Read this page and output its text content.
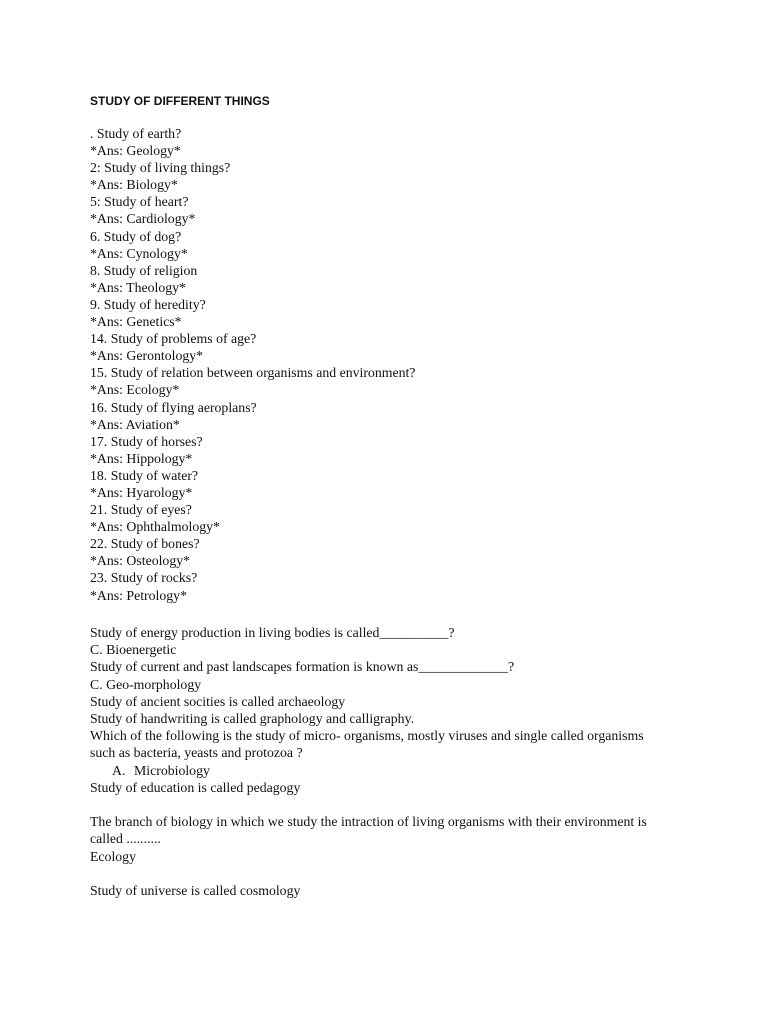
STUDY OF DIFFERENT THINGS
. Study of earth?
*Ans: Geology*
2: Study of living things?
*Ans: Biology*
5: Study of heart?
*Ans: Cardiology*
6. Study of dog?
*Ans: Cynology*
8. Study of religion
*Ans: Theology*
9. Study of heredity?
*Ans: Genetics*
14. Study of problems of age?
*Ans: Gerontology*
15. Study of relation between organisms and environment?
*Ans: Ecology*
16. Study of flying aeroplans?
*Ans: Aviation*
17. Study of horses?
*Ans: Hippology*
18. Study of water?
*Ans: Hyarology*
21. Study of eyes?
*Ans: Ophthalmology*
22. Study of bones?
*Ans: Osteology*
23. Study of rocks?
*Ans: Petrology*
Study of energy production in living bodies is called__________?
C. Bioenergetic
Study of current and past landscapes formation is known as_____________?
C. Geo-morphology
Study of ancient socities is called archaeology
Study of handwriting is called graphology and calligraphy.
Which of the following is the study of micro- organisms, mostly viruses and single called organisms
such as bacteria, yeasts and protozoa ?
A. Microbiology
Study of education is called pedagogy
The branch of biology in which we study the intraction of living organisms with their environment is
called ..........
Ecology
Study of universe is called cosmology
